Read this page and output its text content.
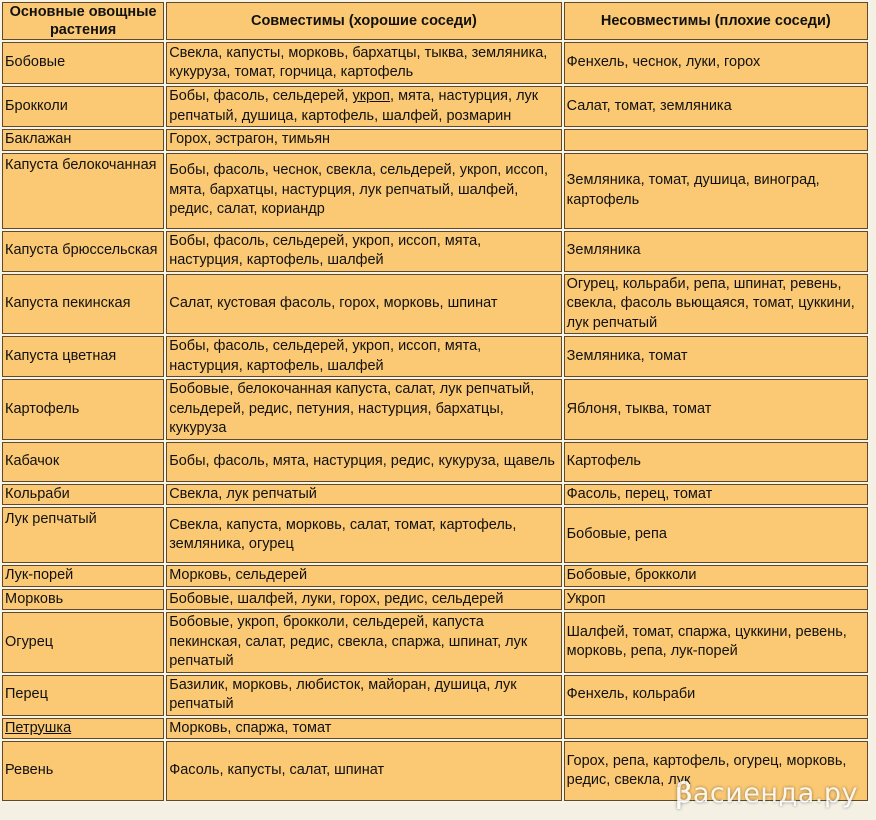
Основные овощные растения	Совместимы (хорошие соседи)	Несовместимы (плохие соседи)
Бобовые	Свекла, капусты, морковь, бархатцы, тыква, земляника, кукуруза, томат, горчица, картофель	Фенхель, чеснок, луки, горох
Брокколи	Бобы, фасоль, сельдерей, укроп, мята, настурция, лук репчатый, душица, картофель, шалфей, розмарин	Салат, томат, земляника
Баклажан	Горох, эстрагон, тимьян	
Капуста белокочанная	Бобы, фасоль, чеснок, свекла, сельдерей, укроп, иссоп, мята, бархатцы, настурция, лук репчатый, шалфей, редис, салат, кориандр	Земляника, томат, душица, виноград, картофель
Капуста брюссельская	Бобы, фасоль, сельдерей, укроп, иссоп, мята, настурция, картофель, шалфей	Земляника
Капуста пекинская	Салат, кустовая фасоль, горох, морковь, шпинат	Огурец, кольраби, репа, шпинат, ревень, свекла, фасоль вьющаяся, томат, цуккини, лук репчатый
Капуста цветная	Бобы, фасоль, сельдерей, укроп, иссоп, мята, настурция, картофель, шалфей	Земляника, томат
Картофель	Бобовые, белокочанная капуста, салат, лук репчатый, сельдерей, редис, петуния, настурция, бархатцы, кукуруза	Яблоня, тыква, томат
Кабачок	Бобы, фасоль, мята, настурция, редис, кукуруза, щавель	Картофель
Кольраби	Свекла, лук репчатый	Фасоль, перец, томат
Лук репчатый	Свекла, капуста, морковь, салат, томат, картофель, земляника, огурец	Бобовые, репа
Лук-порей	Морковь, сельдерей	Бобовые, брокколи
Морковь	Бобовые, шалфей, луки, горох, редис, сельдерей	Укроп
Огурец	Бобовые, укроп, брокколи, сельдерей, капуста пекинская, салат, редис, свекла, спаржа, шпинат, лук репчатый	Шалфей, томат, спаржа, цуккини, ревень, морковь, репа, лук-порей
Перец	Базилик, морковь, любисток, майоран, душица, лук репчатый	Фенхель, кольраби
Петрушка	Морковь, спаржа, томат	
Ревень	Фасоль, капусты, салат, шпинат	Горох, репа, картофель, огурец, морковь, редис, свекла, лук
ꞵасиенда.ру
